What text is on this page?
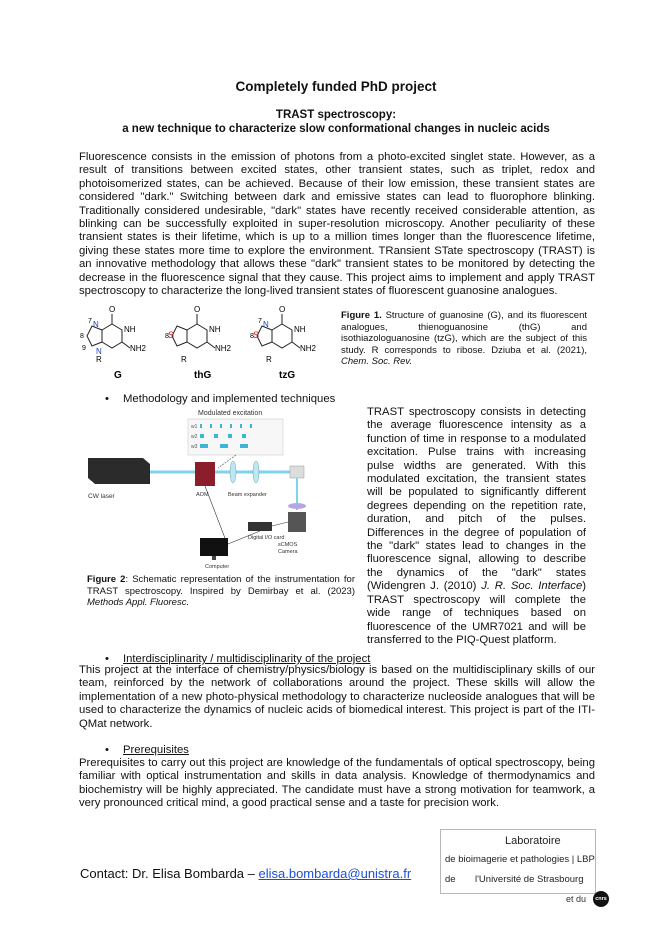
Completely funded PhD project
TRAST spectroscopy:
a new technique to characterize slow conformational changes in nucleic acids
Fluorescence consists in the emission of photons from a photo-excited singlet state. However, as a result of transitions between excited states, other transient states, such as triplet, redox and photoisomerized states, can be achieved. Because of their low emission, these transient states are considered "dark." Switching between dark and emissive states can lead to fluorophore blinking. Traditionally considered undesirable, "dark" states have recently received considerable attention, as blinking can be successfully exploited in super-resolution microscopy. Another peculiarity of these transient states is their lifetime, which is up to a million times longer than the fluorescence lifetime, giving these states more time to explore the environment. TRansient STate spectroscopy (TRAST) is an innovative methodology that allows these "dark" transient states to be monitored by detecting the decrease in the fluorescence signal that they cause. This project aims to implement and apply TRAST spectroscopy to characterize the long-lived transient states of fluorescent guanosine analogues.
O
NH
NH2
7
8
9
N
N
R
O
NH
NH2
8 S
R
O
NH
NH2
7 N
8 S
R
G	thG	tzG
Figure 1. Structure of guanosine (G), and its fluorescent analogues, thienoguanosine (thG) and isothiazologuanosine (tzG), which are the subject of this study. R corresponds to ribose. Dziuba et al. (2021), Chem. Soc. Rev.
• Methodology and implemented techniques
Modulated excitation
w1
w2
w3
CW laser	AOM	Beam expander
sCMOS
Camera
Digital I/O card
Computer
Figure 2: Schematic representation of the instrumentation for TRAST spectroscopy. Inspired by Demirbay et al. (2023) Methods Appl. Fluoresc.
TRAST spectroscopy consists in detecting the average fluorescence intensity as a function of time in response to a modulated excitation. Pulse trains with increasing pulse widths are generated. With this modulated excitation, the transient states will be populated to significantly different degrees depending on the repetition rate, duration, and pitch of the pulses. Differences in the degree of population of the "dark" states lead to changes in the fluorescence signal, allowing to describe the dynamics of the "dark" states (Widengren J. (2010) J. R. Soc. Interface) TRAST spectroscopy will complete the wide range of techniques based on fluorescence of the UMR7021 and will be transferred to the PIQ-Quest platform.
• Interdisciplinarity / multidisciplinarity of the project
This project at the interface of chemistry/physics/biology is based on the multidisciplinary skills of our team, reinforced by the network of collaborations around the project. These skills will allow the implementation of a new photo-physical methodology to characterize nucleoside analogues that will be used to characterize the dynamics of nucleic acids of biomedical interest. This project is part of the ITI-QMat network.
• Prerequisites
Prerequisites to carry out this project are knowledge of the fundamentals of optical spectroscopy, being familiar with optical instrumentation and skills in data analysis. Knowledge of thermodynamics and biochemistry will be highly appreciated. The candidate must have a strong motivation for teamwork, a very pronounced critical mind, a good practical sense and a taste for precision work.
Contact: Dr. Elisa Bombarda – elisa.bombarda@unistra.fr
Laboratoire
de bioimagerie et pathologies | LBP
de l'Université de Strasbourg
et du	cnrs
